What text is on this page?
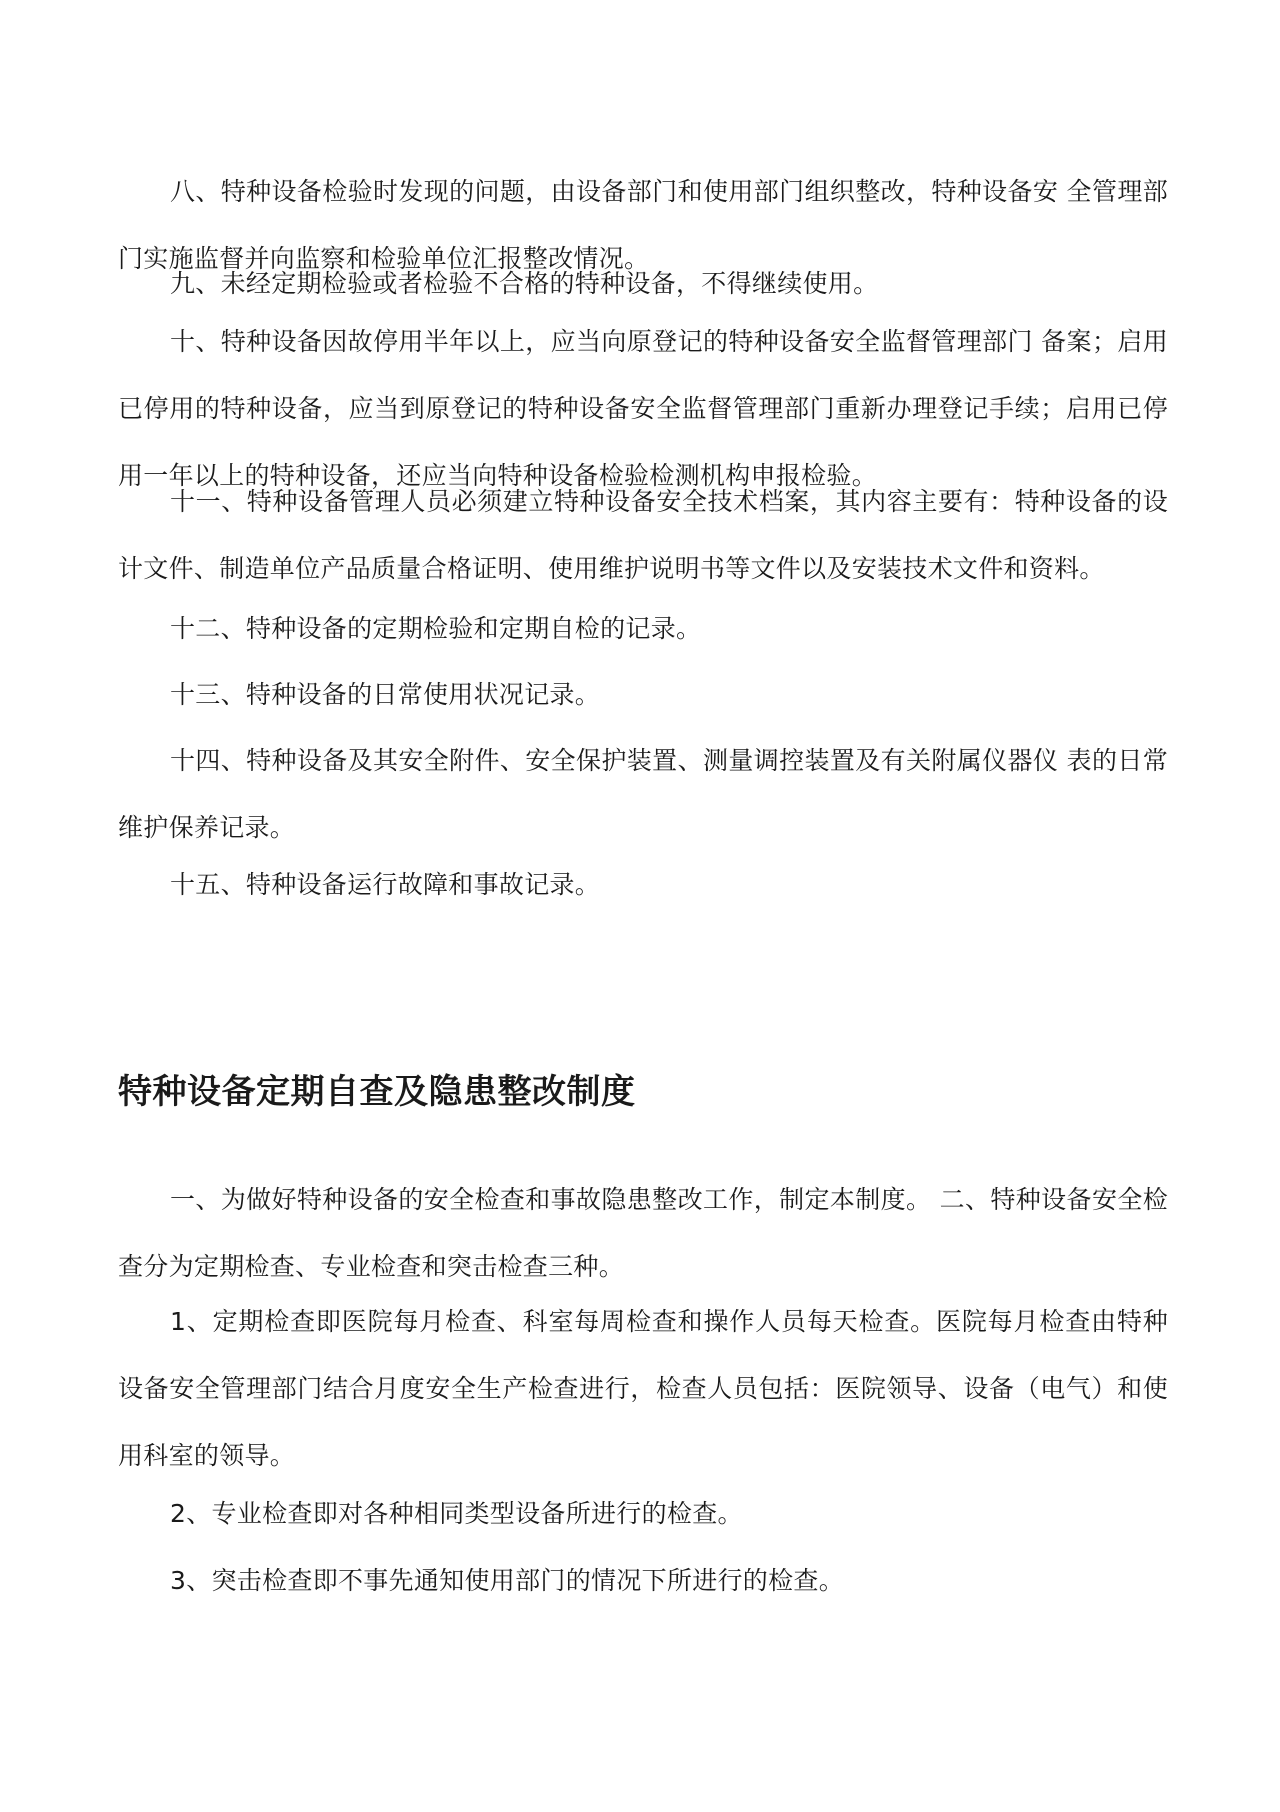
八、特种设备检验时发现的问题，由设备部门和使用部门组织整改，特种设备安 全管理部门实施监督并向监察和检验单位汇报整改情况。

九、未经定期检验或者检验不合格的特种设备，不得继续使用。

十、特种设备因故停用半年以上，应当向原登记的特种设备安全监督管理部门 备案；启用已停用的特种设备，应当到原登记的特种设备安全监督管理部门重新办理登记手续；启用已停用一年以上的特种设备，还应当向特种设备检验检测机构申报检验。

十一、特种设备管理人员必须建立特种设备安全技术档案，其内容主要有：特种设备的设计文件、制造单位产品质量合格证明、使用维护说明书等文件以及安装技术文件和资料。

十二、特种设备的定期检验和定期自检的记录。

十三、特种设备的日常使用状况记录。

十四、特种设备及其安全附件、安全保护装置、测量调控装置及有关附属仪器仪 表的日常维护保养记录。

十五、特种设备运行故障和事故记录。

特种设备定期自查及隐患整改制度

一、为做好特种设备的安全检查和事故隐患整改工作，制定本制度。 二、特种设备安全检查分为定期检查、专业检查和突击检查三种。

1、定期检查即医院每月检查、科室每周检查和操作人员每天检查。医院每月检查由特种设备安全管理部门结合月度安全生产检查进行，检查人员包括：医院领导、设备（电气）和使用科室的领导。

2、专业检查即对各种相同类型设备所进行的检查。

3、突击检查即不事先通知使用部门的情况下所进行的检查。
